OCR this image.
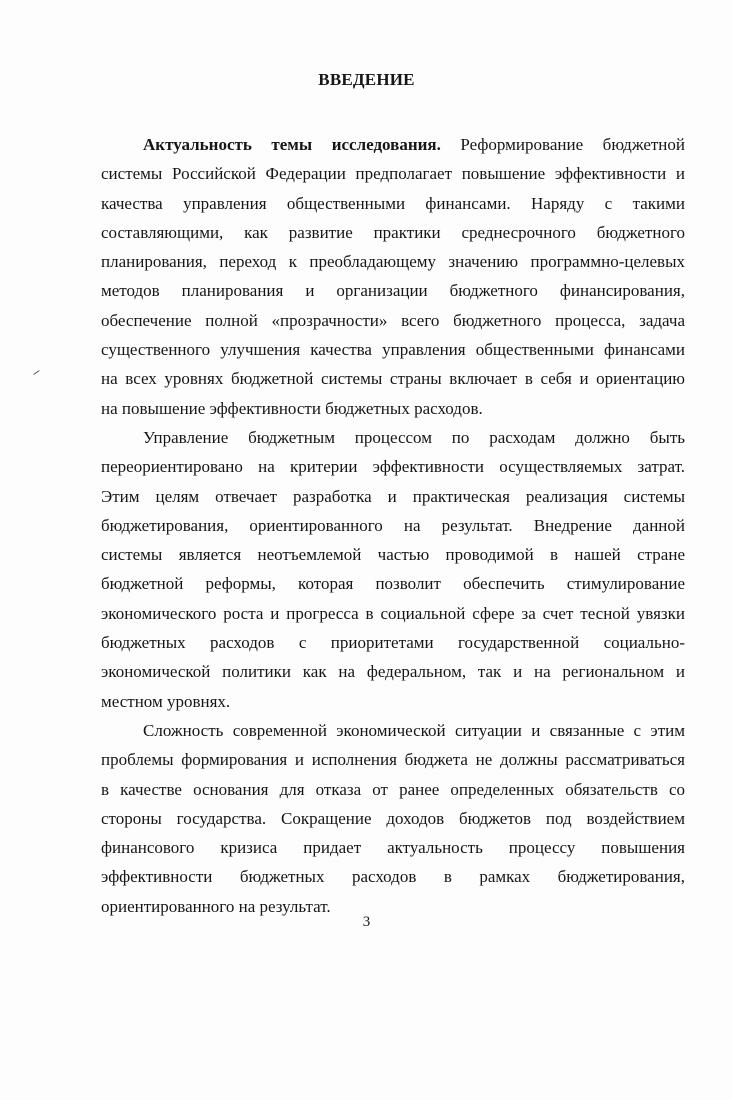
ВВЕДЕНИЕ
Актуальность темы исследования. Реформирование бюджетной
системы Российской Федерации предполагает повышение эффективности и
качества управления общественными финансами. Наряду с такими
составляющими, как развитие практики среднесрочного бюджетного
планирования, переход к преобладающему значению программно-целевых
методов планирования и организации бюджетного финансирования,
обеспечение полной «прозрачности» всего бюджетного процесса, задача
существенного улучшения качества управления общественными финансами
на всех уровнях бюджетной системы страны включает в себя и ориентацию
на повышение эффективности бюджетных расходов.
Управление бюджетным процессом по расходам должно быть
переориентировано на критерии эффективности осуществляемых затрат.
Этим целям отвечает разработка и практическая реализация системы
бюджетирования, ориентированного на результат. Внедрение данной
системы является неотъемлемой частью проводимой в нашей стране
бюджетной реформы, которая позволит обеспечить стимулирование
экономического роста и прогресса в социальной сфере за счет тесной увязки
бюджетных расходов с приоритетами государственной социально-
экономической политики как на федеральном, так и на региональном и
местном уровнях.
Сложность современной экономической ситуации и связанные с этим
проблемы формирования и исполнения бюджета не должны рассматриваться
в качестве основания для отказа от ранее определенных обязательств со
стороны государства. Сокращение доходов бюджетов под воздействием
финансового кризиса придает актуальность процессу повышения
эффективности бюджетных расходов в рамках бюджетирования,
ориентированного на результат.
3
